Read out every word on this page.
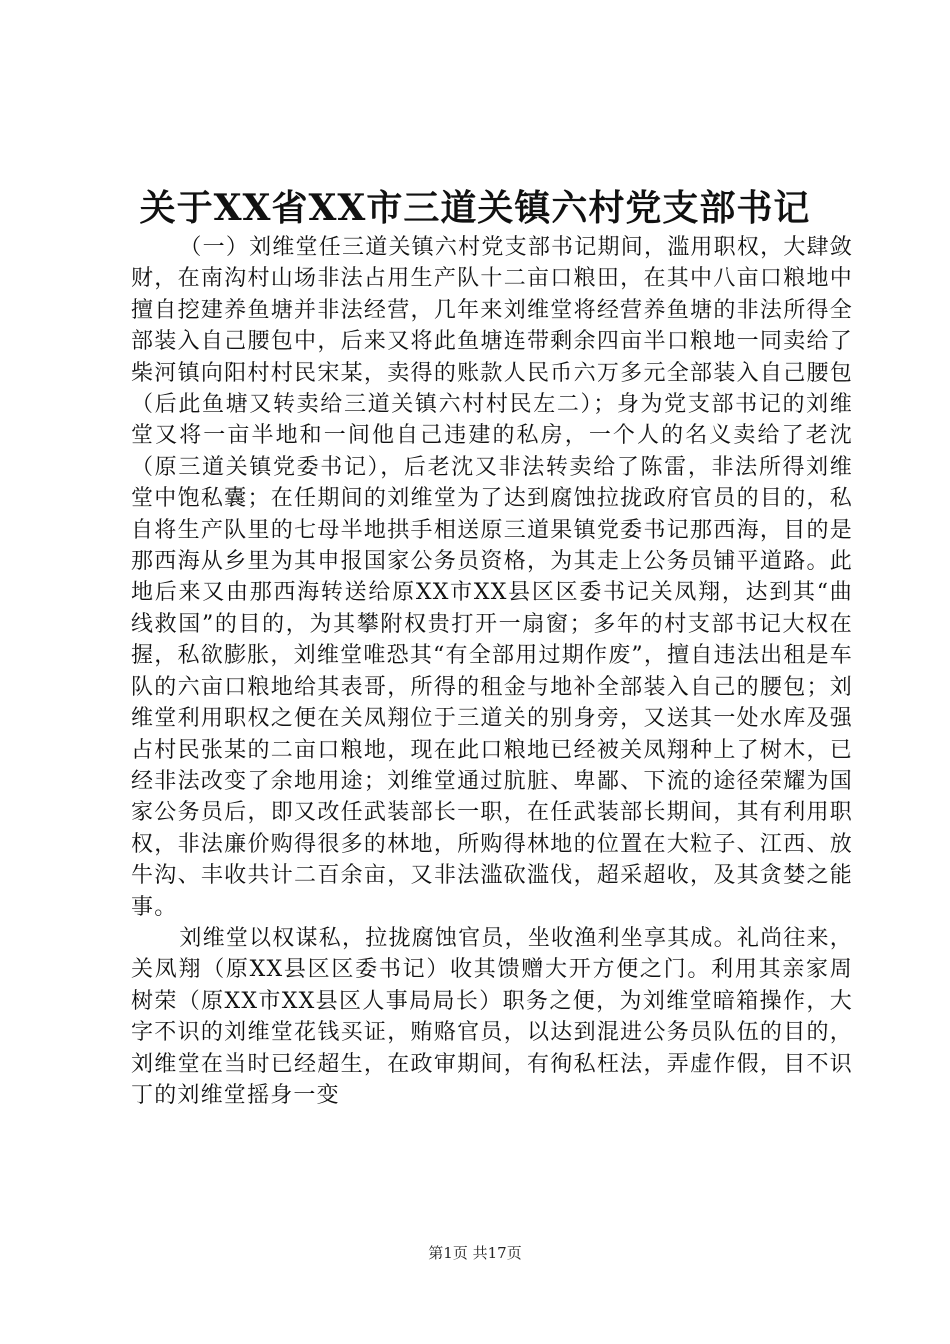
关于XX省XX市三道关镇六村党支部书记

（一）刘维堂任三道关镇六村党支部书记期间，滥用职权，大肆敛财，在南沟村山场非法占用生产队十二亩口粮田，在其中八亩口粮地中擅自挖建养鱼塘并非法经营，几年来刘维堂将经营养鱼塘的非法所得全部装入自己腰包中，后来又将此鱼塘连带剩余四亩半口粮地一同卖给了柴河镇向阳村村民宋某，卖得的账款人民币六万多元全部装入自己腰包（后此鱼塘又转卖给三道关镇六村村民左二）；身为党支部书记的刘维堂又将一亩半地和一间他自己违建的私房，一个人的名义卖给了老沈（原三道关镇党委书记），后老沈又非法转卖给了陈雷，非法所得刘维堂中饱私囊；在任期间的刘维堂为了达到腐蚀拉拢政府官员的目的，私自将生产队里的七母半地拱手相送原三道果镇党委书记那西海，目的是那西海从乡里为其申报国家公务员资格，为其走上公务员铺平道路。此地后来又由那西海转送给原XX市XX县区区委书记关凤翔，达到其“曲线救国”的目的，为其攀附权贵打开一扇窗；多年的村支部书记大权在握，私欲膨胀，刘维堂唯恐其“有全部用过期作废”，擅自违法出租是车队的六亩口粮地给其表哥，所得的租金与地补全部装入自己的腰包；刘维堂利用职权之便在关凤翔位于三道关的别身旁，又送其一处水库及强占村民张某的二亩口粮地，现在此口粮地已经被关凤翔种上了树木，已经非法改变了余地用途；刘维堂通过肮脏、卑鄙、下流的途径荣耀为国家公务员后，即又改任武装部长一职，在任武装部长期间，其有利用职权，非法廉价购得很多的林地，所购得林地的位置在大粒子、江西、放牛沟、丰收共计二百余亩，又非法滥砍滥伐，超采超收，及其贪婪之能事。

刘维堂以权谋私，拉拢腐蚀官员，坐收渔利坐享其成。礼尚往来，关凤翔（原XX县区区委书记）收其馈赠大开方便之门。利用其亲家周树荣（原XX市XX县区人事局局长）职务之便，为刘维堂暗箱操作，大字不识的刘维堂花钱买证，贿赂官员，以达到混进公务员队伍的目的，刘维堂在当时已经超生，在政审期间，有徇私枉法，弄虚作假，目不识丁的刘维堂摇身一变

第1页 共17页
